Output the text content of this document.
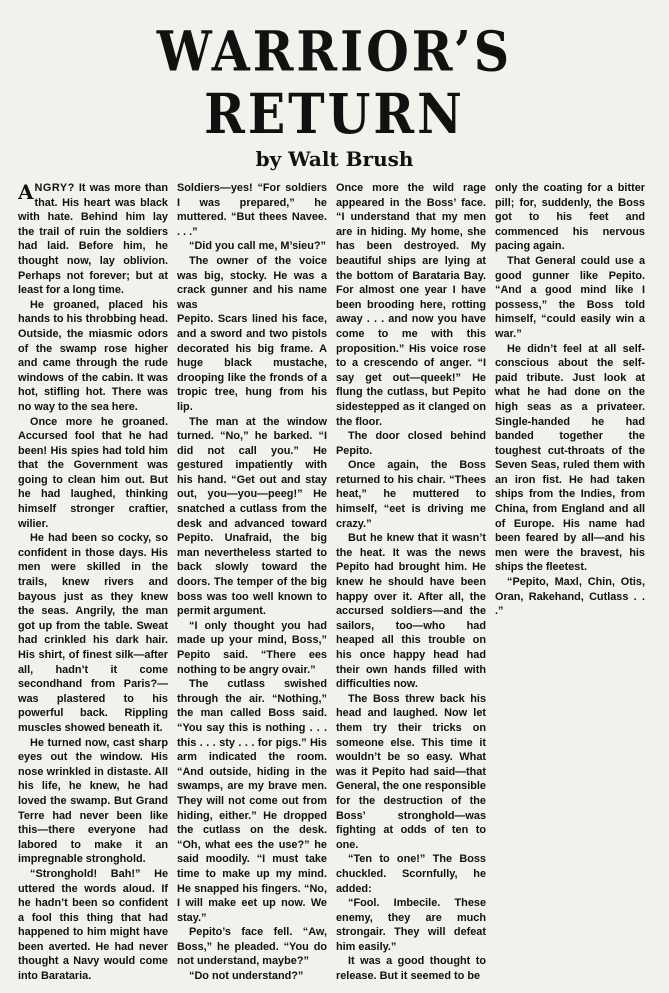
WARRIOR’S RETURN
by Walt Brush

ANGRY? It was more than that. His heart was black with hate. Behind him lay the trail of ruin the soldiers had laid. Before him, he thought now, lay oblivion. Perhaps not forever; but at least for a long time.

He groaned, placed his hands to his throbbing head. Outside, the miasmic odors of the swamp rose higher and came through the rude windows of the cabin. It was hot, stifling hot. There was no way to the sea here.

Once more he groaned. Accursed fool that he had been! His spies had told him that the Government was going to clean him out. But he had laughed, thinking himself stronger craftier, wilier.

He had been so cocky, so confident in those days. His men were skilled in the trails, knew rivers and bayous just as they knew the seas. Angrily, the man got up from the table. Sweat had crinkled his dark hair. His shirt, of finest silk—after all, hadn’t it come secondhand from Paris?—was plastered to his powerful back. Rippling muscles showed beneath it.

He turned now, cast sharp eyes out the window. His nose wrinkled in distaste. All his life, he knew, he had loved the swamp. But Grand Terre had never been like this—there everyone had labored to make it an impregnable stronghold.

“Stronghold! Bah!” He uttered the words aloud. If he hadn’t been so confident a fool this thing that had happened to him might have been averted. He had never thought a Navy would come into Barataria.

Soldiers—yes! “For soldiers I was prepared,” he muttered. “But thees Navee. . . .”

“Did you call me, M’sieu?”

The owner of the voice was big, stocky. He was a crack gunner and his name was

Pepito. Scars lined his face, and a sword and two pistols decorated his big frame. A huge black mustache, drooping like the fronds of a tropic tree, hung from his lip.

The man at the window turned. “No,” he barked. “I did not call you.” He gestured impatiently with his hand. “Get out and stay out, you—you—peeg!” He snatched a cutlass from the desk and advanced toward Pepito. Unafraid, the big man nevertheless started to back slowly toward the doors. The temper of the big boss was too well known to permit argument.

“I only thought you had made up your mind, Boss,” Pepito said. “There ees nothing to be angry ovair.”

The cutlass swished through the air. “Nothing,” the man called Boss said. “You say this is nothing . . . this . . . sty . . . for pigs.” His arm indicated the room. “And outside, hiding in the swamps, are my brave men. They will not come out from hiding, either.” He dropped the cutlass on the desk. “Oh, what ees the use?” he said moodily. “I must take time to make up my mind. He snapped his fingers. “No, I will make eet up now. We stay.”

Pepito’s face fell. “Aw, Boss,” he pleaded. “You do not understand, maybe?”

“Do not understand?”

Once more the wild rage appeared in the Boss’ face. “I understand that my men are in hiding. My home, she has been destroyed. My beautiful ships are lying at the bottom of Barataria Bay. For almost one year I have been brooding here, rotting away . . . and now you have come to me with this proposition.” His voice rose to a crescendo of anger. “I say get out—queek!” He flung the cutlass, but Pepito sidestepped as it clanged on the floor.

The door closed behind Pepito.

Once again, the Boss returned to his chair. “Thees heat,” he muttered to himself, “eet is driving me crazy.”

But he knew that it wasn’t the heat. It was the news Pepito had brought him. He knew he should have been happy over it. After all, the accursed soldiers—and the sailors, too—who had heaped all this trouble on his once happy head had their own hands filled with difficulties now.

The Boss threw back his head and laughed. Now let them try their tricks on someone else. This time it wouldn’t be so easy. What was it Pepito had said—that General, the one responsible for the destruction of the Boss’ stronghold—was fighting at odds of ten to one.

“Ten to one!” The Boss chuckled. Scornfully, he added:

“Fool. Imbecile. These enemy, they are much strongair. They will defeat him easily.”

It was a good thought to release. But it seemed to be

only the coating for a bitter pill; for, suddenly, the Boss got to his feet and commenced his nervous pacing again.

That General could use a good gunner like Pepito. “And a good mind like I possess,” the Boss told himself, “could easily win a war.”

He didn’t feel at all self-conscious about the self-paid tribute. Just look at what he had done on the high seas as a privateer. Single-handed he had banded together the toughest cut-throats of the Seven Seas, ruled them with an iron fist. He had taken ships from the Indies, from China, from England and all of Europe. His name had been feared by all—and his men were the bravest, his ships the fleetest.

“Pepito, Maxl, Chin, Otis, Oran, Rakehand, Cutlass . . .”
